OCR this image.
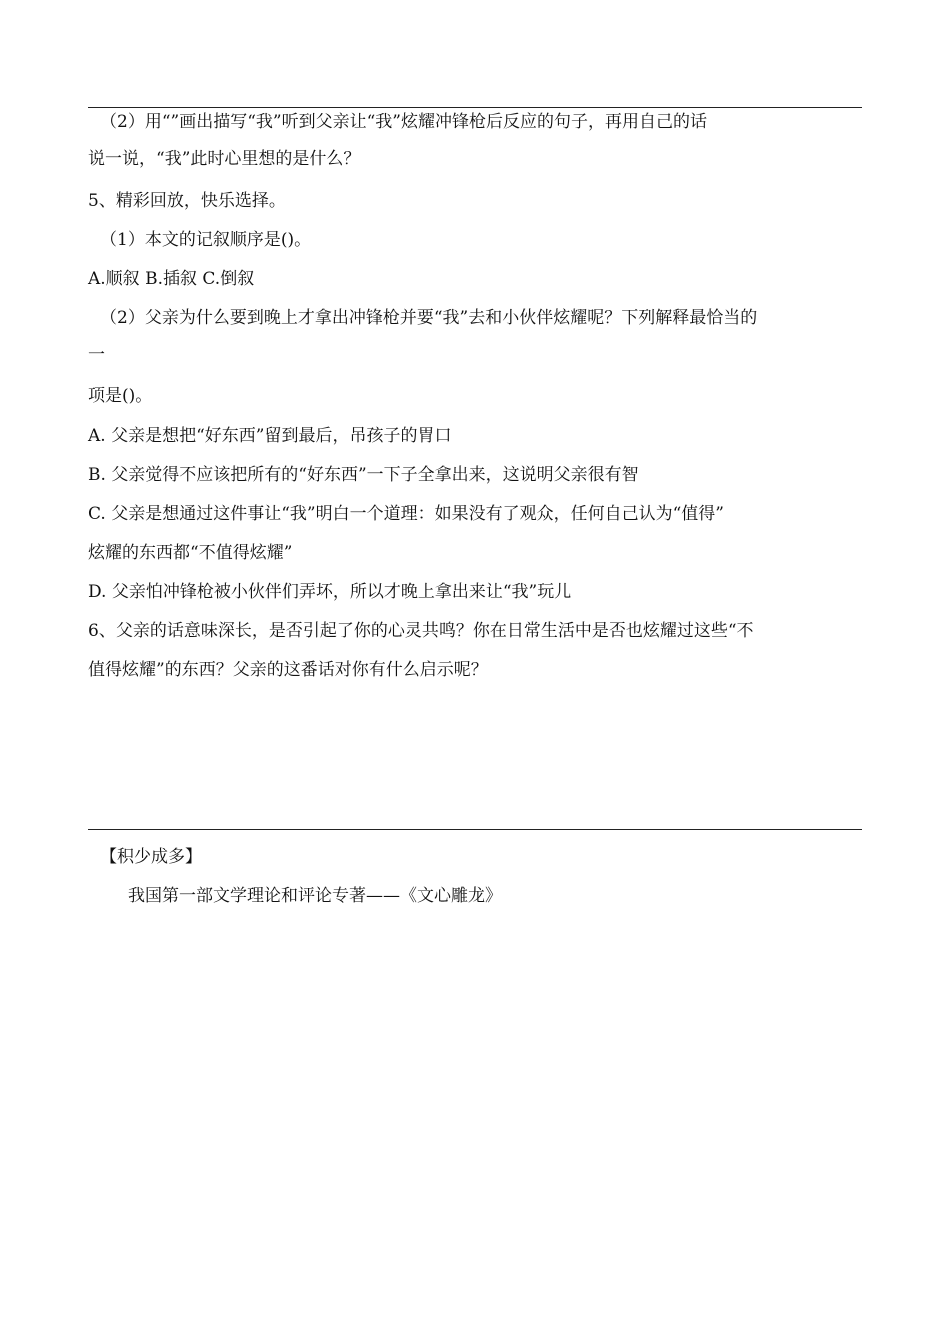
（2）用“”画出描写“我”听到父亲让“我”炫耀冲锋枪后反应的句子，再用自己的话
说一说，“我”此时心里想的是什么？
5、精彩回放，快乐选择。
（1）本文的记叙顺序是()。
A.顺叙 B.插叙 C.倒叙
（2）父亲为什么要到晚上才拿出冲锋枪并要“我”去和小伙伴炫耀呢？下列解释最恰当的
一
项是()。
A. 父亲是想把“好东西”留到最后，吊孩子的胃口
B. 父亲觉得不应该把所有的“好东西”一下子全拿出来，这说明父亲很有智
C. 父亲是想通过这件事让“我”明白一个道理：如果没有了观众，任何自己认为“值得”
炫耀的东西都“不值得炫耀”
D. 父亲怕冲锋枪被小伙伴们弄坏，所以才晚上拿出来让“我”玩儿
6、父亲的话意味深长，是否引起了你的心灵共鸣？你在日常生活中是否也炫耀过这些“不
值得炫耀”的东西？父亲的这番话对你有什么启示呢？
【积少成多】
我国第一部文学理论和评论专著——《文心雕龙》
